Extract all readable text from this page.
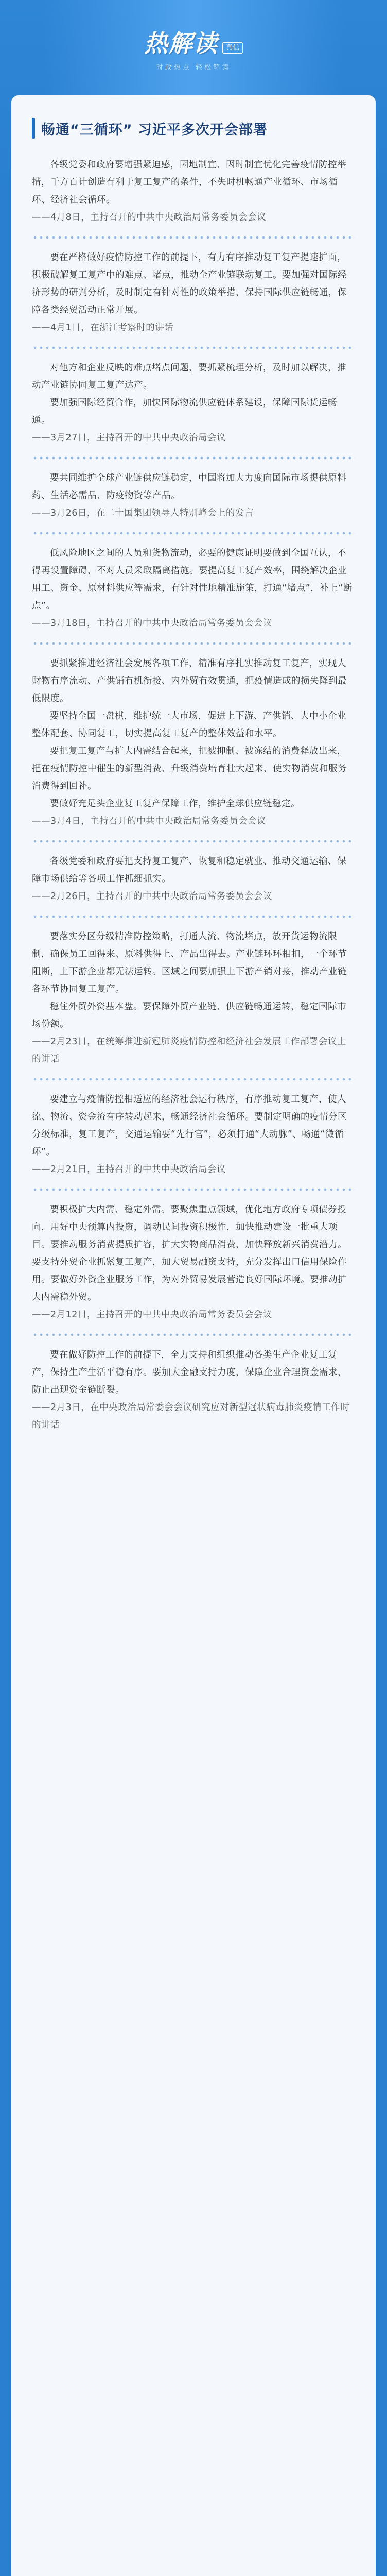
热解读	真信
时政热点 轻松解读
畅通“三循环” 习近平多次开会部署

各级党委和政府要增强紧迫感，因地制宜、因时制宜优化完善疫情防控举措，千方百计创造有利于复工复产的条件，不失时机畅通产业循环、市场循环、经济社会循环。

——4月8日，主持召开的中共中央政治局常务委员会会议

要在严格做好疫情防控工作的前提下，有力有序推动复工复产提速扩面，积极破解复工复产中的难点、堵点，推动全产业链联动复工。要加强对国际经济形势的研判分析，及时制定有针对性的政策举措，保持国际供应链畅通，保障各类经贸活动正常开展。

——4月1日，在浙江考察时的讲话

对他方和企业反映的难点堵点问题，要抓紧梳理分析，及时加以解决，推动产业链协同复工复产达产。

要加强国际经贸合作，加快国际物流供应链体系建设，保障国际货运畅通。

——3月27日，主持召开的中共中央政治局会议

要共同维护全球产业链供应链稳定，中国将加大力度向国际市场提供原料药、生活必需品、防疫物资等产品。

——3月26日，在二十国集团领导人特别峰会上的发言

低风险地区之间的人员和货物流动，必要的健康证明要做到全国互认，不得再设置障碍，不对人员采取隔离措施。要提高复工复产效率，围绕解决企业用工、资金、原材料供应等需求，有针对性地精准施策，打通“堵点”，补上“断点”。

——3月18日，主持召开的中共中央政治局常务委员会会议

要抓紧推进经济社会发展各项工作，精准有序扎实推动复工复产，实现人财物有序流动、产供销有机衔接、内外贸有效贯通，把疫情造成的损失降到最低限度。

要坚持全国一盘棋，维护统一大市场，促进上下游、产供销、大中小企业整体配套、协同复工，切实提高复工复产的整体效益和水平。

要把复工复产与扩大内需结合起来，把被抑制、被冻结的消费释放出来，把在疫情防控中催生的新型消费、升级消费培育壮大起来，使实物消费和服务消费得到回补。

要做好充足头企业复工复产保障工作，维护全球供应链稳定。

——3月4日，主持召开的中共中央政治局常务委员会会议

各级党委和政府要把支持复工复产、恢复和稳定就业、推动交通运输、保障市场供给等各项工作抓细抓实。

——2月26日，主持召开的中共中央政治局常务委员会会议

要落实分区分级精准防控策略，打通人流、物流堵点，放开货运物流限制，确保员工回得来、原料供得上、产品出得去。产业链环环相扣，一个环节阻断，上下游企业都无法运转。区域之间要加强上下游产销对接，推动产业链各环节协同复工复产。

稳住外贸外资基本盘。要保障外贸产业链、供应链畅通运转，稳定国际市场份额。

——2月23日，在统筹推进新冠肺炎疫情防控和经济社会发展工作部署会议上的讲话

要建立与疫情防控相适应的经济社会运行秩序，有序推动复工复产，使人流、物流、资金流有序转动起来，畅通经济社会循环。要制定明确的疫情分区分级标准，复工复产，交通运输要“先行官”，必须打通“大动脉”、畅通“微循环”。

——2月21日，主持召开的中共中央政治局会议

要积极扩大内需、稳定外需。要聚焦重点领域，优化地方政府专项债券投向，用好中央预算内投资，调动民间投资积极性，加快推动建设一批重大项目。要推动服务消费提质扩容，扩大实物商品消费，加快释放新兴消费潜力。要支持外贸企业抓紧复工复产，加大贸易融资支持，充分发挥出口信用保险作用。要做好外资企业服务工作，为对外贸易发展营造良好国际环境。要推动扩大内需稳外贸。

——2月12日，主持召开的中共中央政治局常务委员会会议

要在做好防控工作的前提下，全力支持和组织推动各类生产企业复工复产，保持生产生活平稳有序。要加大金融支持力度，保障企业合理资金需求，防止出现资金链断裂。

——2月3日，在中央政治局常委会会议研究应对新型冠状病毒肺炎疫情工作时的讲话
